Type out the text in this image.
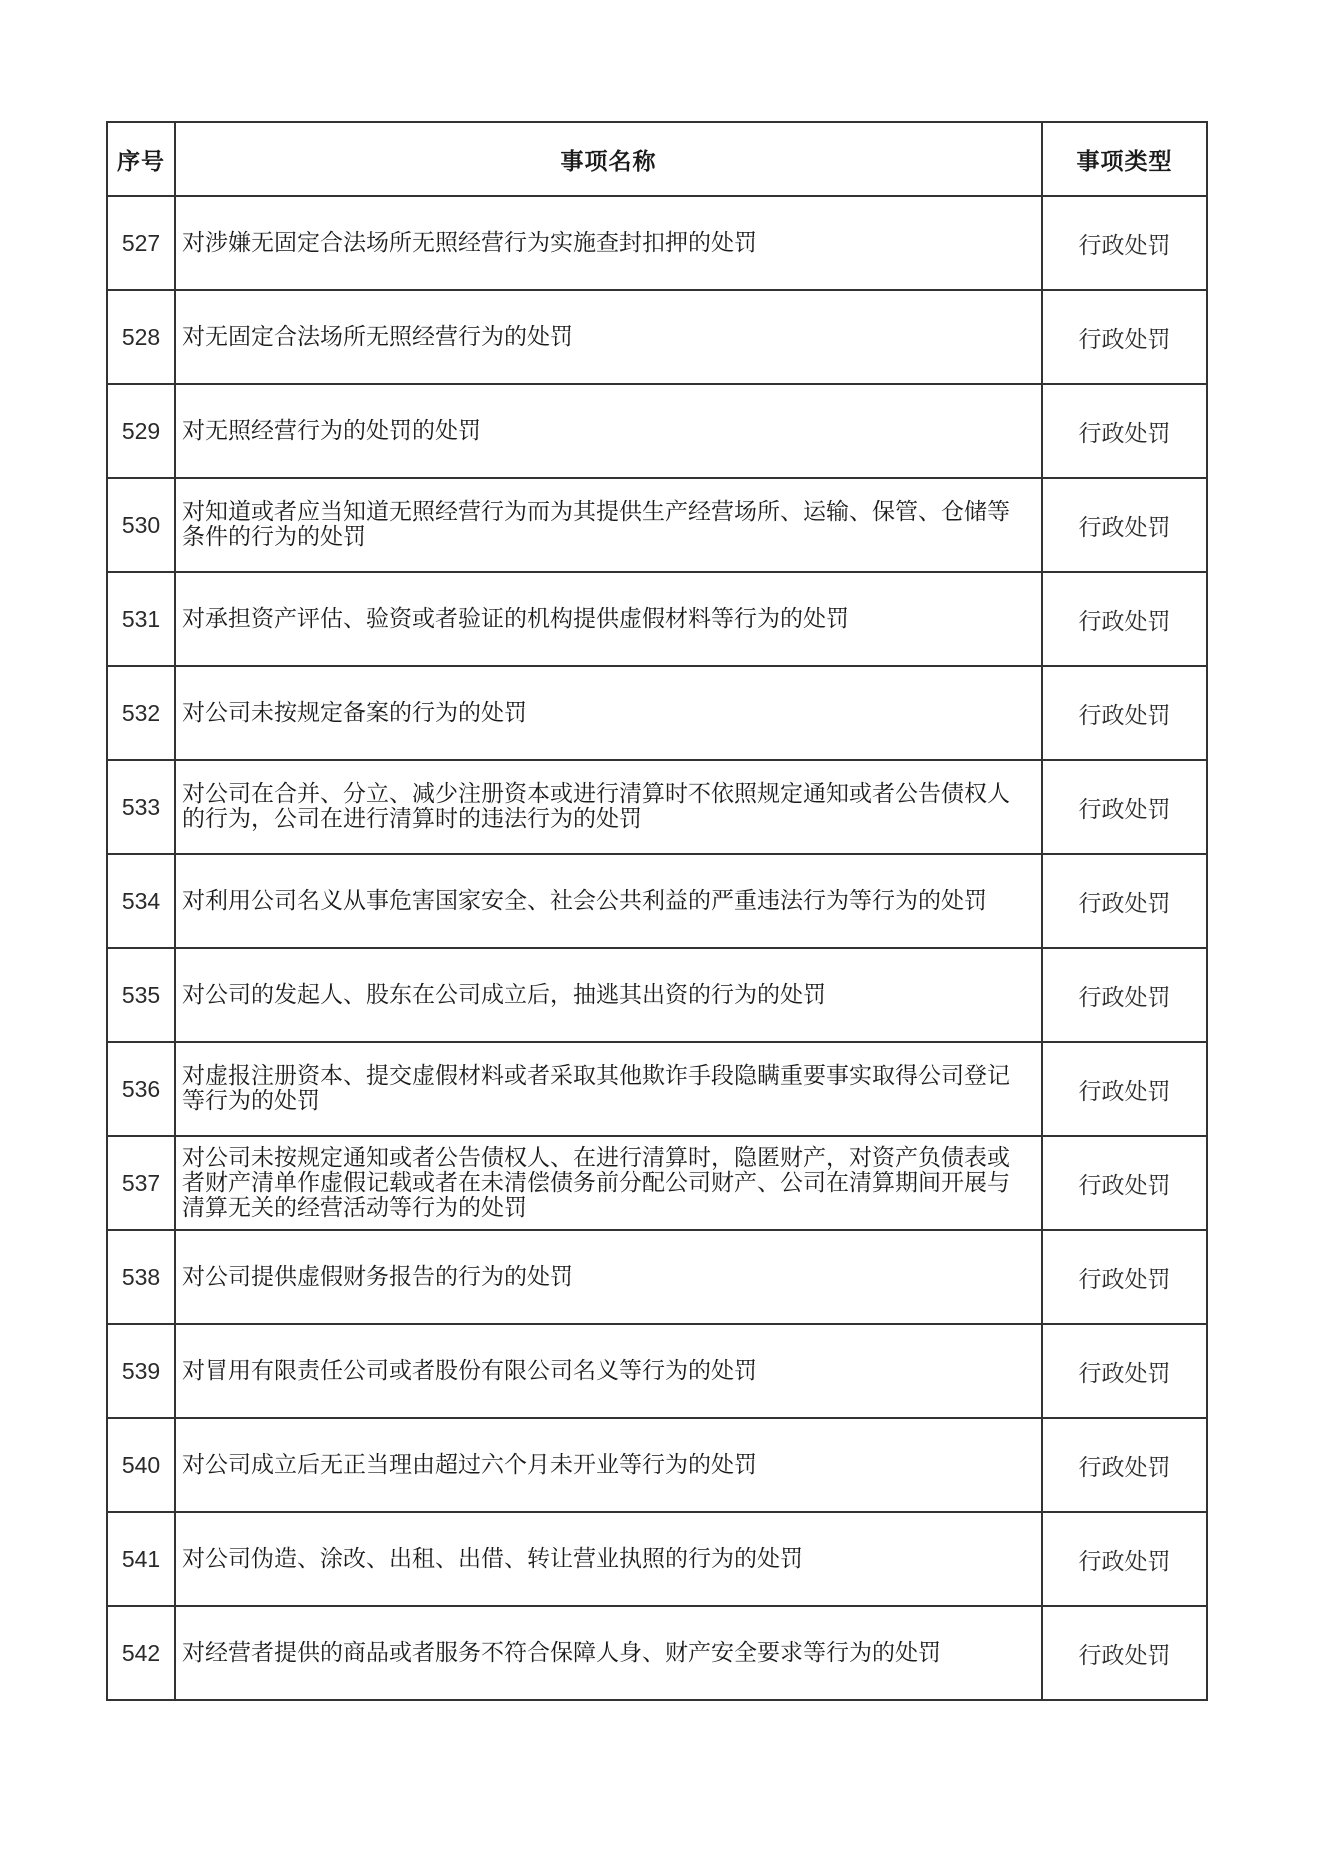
序号	事项名称	事项类型
527	对涉嫌无固定合法场所无照经营行为实施查封扣押的处罚	行政处罚
528	对无固定合法场所无照经营行为的处罚	行政处罚
529	对无照经营行为的处罚的处罚	行政处罚
530	对知道或者应当知道无照经营行为而为其提供生产经营场所、运输、保管、仓储等条件的行为的处罚	行政处罚
531	对承担资产评估、验资或者验证的机构提供虚假材料等行为的处罚	行政处罚
532	对公司未按规定备案的行为的处罚	行政处罚
533	对公司在合并、分立、减少注册资本或进行清算时不依照规定通知或者公告债权人的行为，公司在进行清算时的违法行为的处罚	行政处罚
534	对利用公司名义从事危害国家安全、社会公共利益的严重违法行为等行为的处罚	行政处罚
535	对公司的发起人、股东在公司成立后，抽逃其出资的行为的处罚	行政处罚
536	对虚报注册资本、提交虚假材料或者采取其他欺诈手段隐瞒重要事实取得公司登记等行为的处罚	行政处罚
537	对公司未按规定通知或者公告债权人、在进行清算时，隐匿财产，对资产负债表或者财产清单作虚假记载或者在未清偿债务前分配公司财产、公司在清算期间开展与清算无关的经营活动等行为的处罚	行政处罚
538	对公司提供虚假财务报告的行为的处罚	行政处罚
539	对冒用有限责任公司或者股份有限公司名义等行为的处罚	行政处罚
540	对公司成立后无正当理由超过六个月未开业等行为的处罚	行政处罚
541	对公司伪造、涂改、出租、出借、转让营业执照的行为的处罚	行政处罚
542	对经营者提供的商品或者服务不符合保障人身、财产安全要求等行为的处罚	行政处罚
